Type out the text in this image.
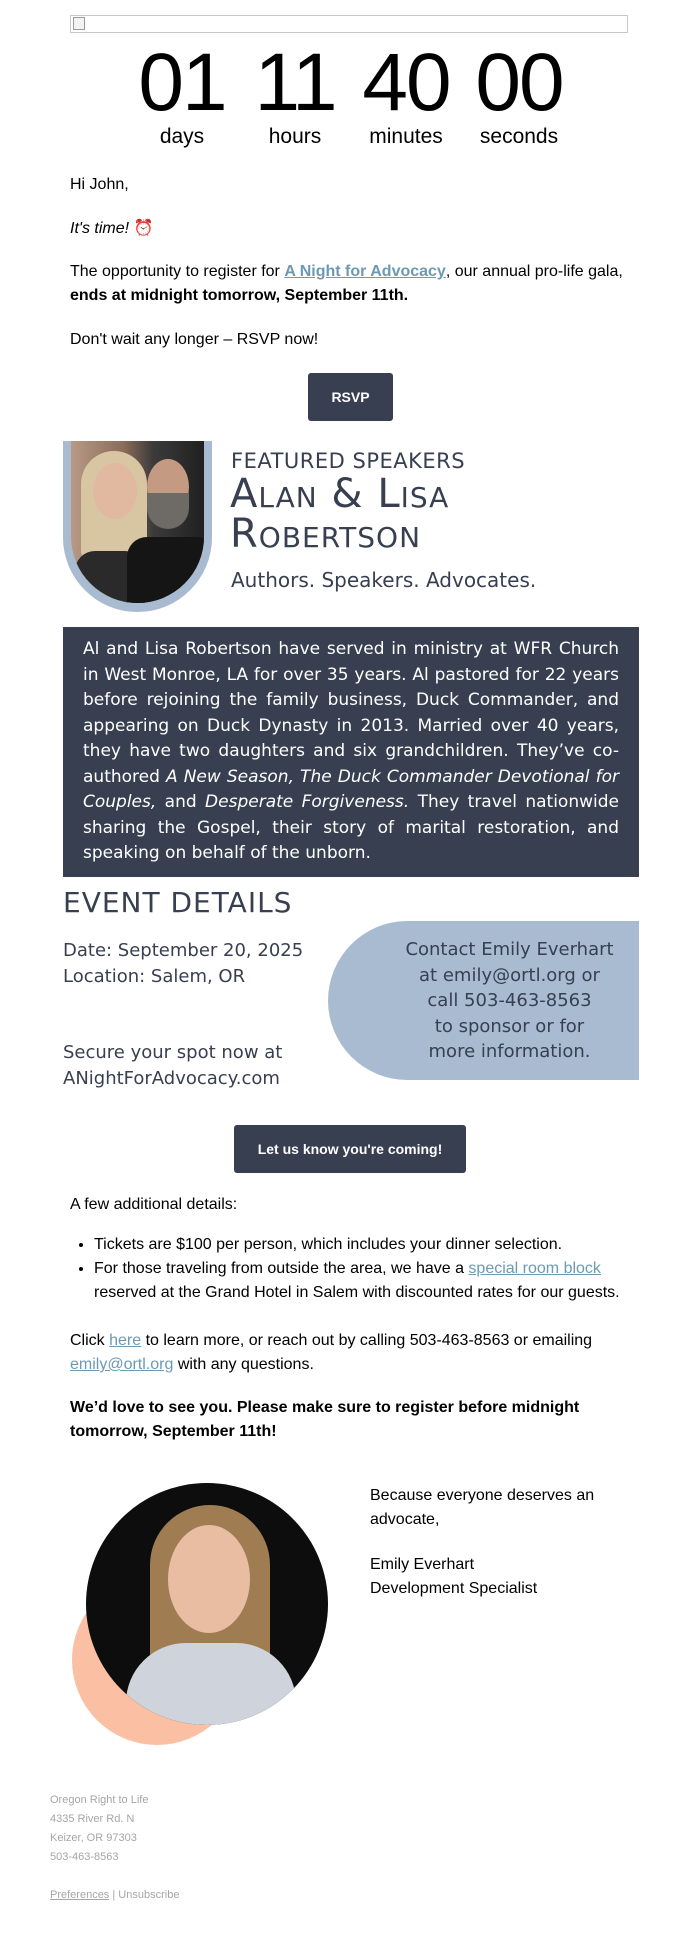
01
days
11
hours
40
minutes
00
seconds
Hi John,
It's time! ⏰
The opportunity to register for A Night for Advocacy, our annual pro-life gala, ends at midnight tomorrow, September 11th.
Don't wait any longer – RSVP now!
RSVP
FEATURED SPEAKERS
Alan & Lisa
Robertson
Authors. Speakers. Advocates.
Al and Lisa Robertson have served in ministry at WFR Church in West Monroe, LA for over 35 years. Al pastored for 22 years before rejoining the family business, Duck Commander, and appearing on Duck Dynasty in 2013. Married over 40 years, they have two daughters and six grandchildren. They’ve co-authored A New Season, The Duck Commander Devotional for Couples, and Desperate Forgiveness. They travel nationwide sharing the Gospel, their story of marital restoration, and speaking on behalf of the unborn.
EVENT DETAILS
Date: September 20, 2025
Location: Salem, OR
Secure your spot now at
ANightForAdvocacy.com
Contact Emily Everhart
at emily@ortl.org or
call 503-463-8563
to sponsor or for
more information.
Let us know you're coming!
A few additional details:
• Tickets are $100 per person, which includes your dinner selection.
• For those traveling from outside the area, we have a special room block reserved at the Grand Hotel in Salem with discounted rates for our guests.
Click here to learn more, or reach out by calling 503-463-8563 or emailing emily@ortl.org with any questions.
We’d love to see you. Please make sure to register before midnight tomorrow, September 11th!
Because everyone deserves an advocate,
Emily Everhart
Development Specialist
Oregon Right to Life
4335 River Rd. N
Keizer, OR 97303
503-463-8563
Preferences | Unsubscribe
